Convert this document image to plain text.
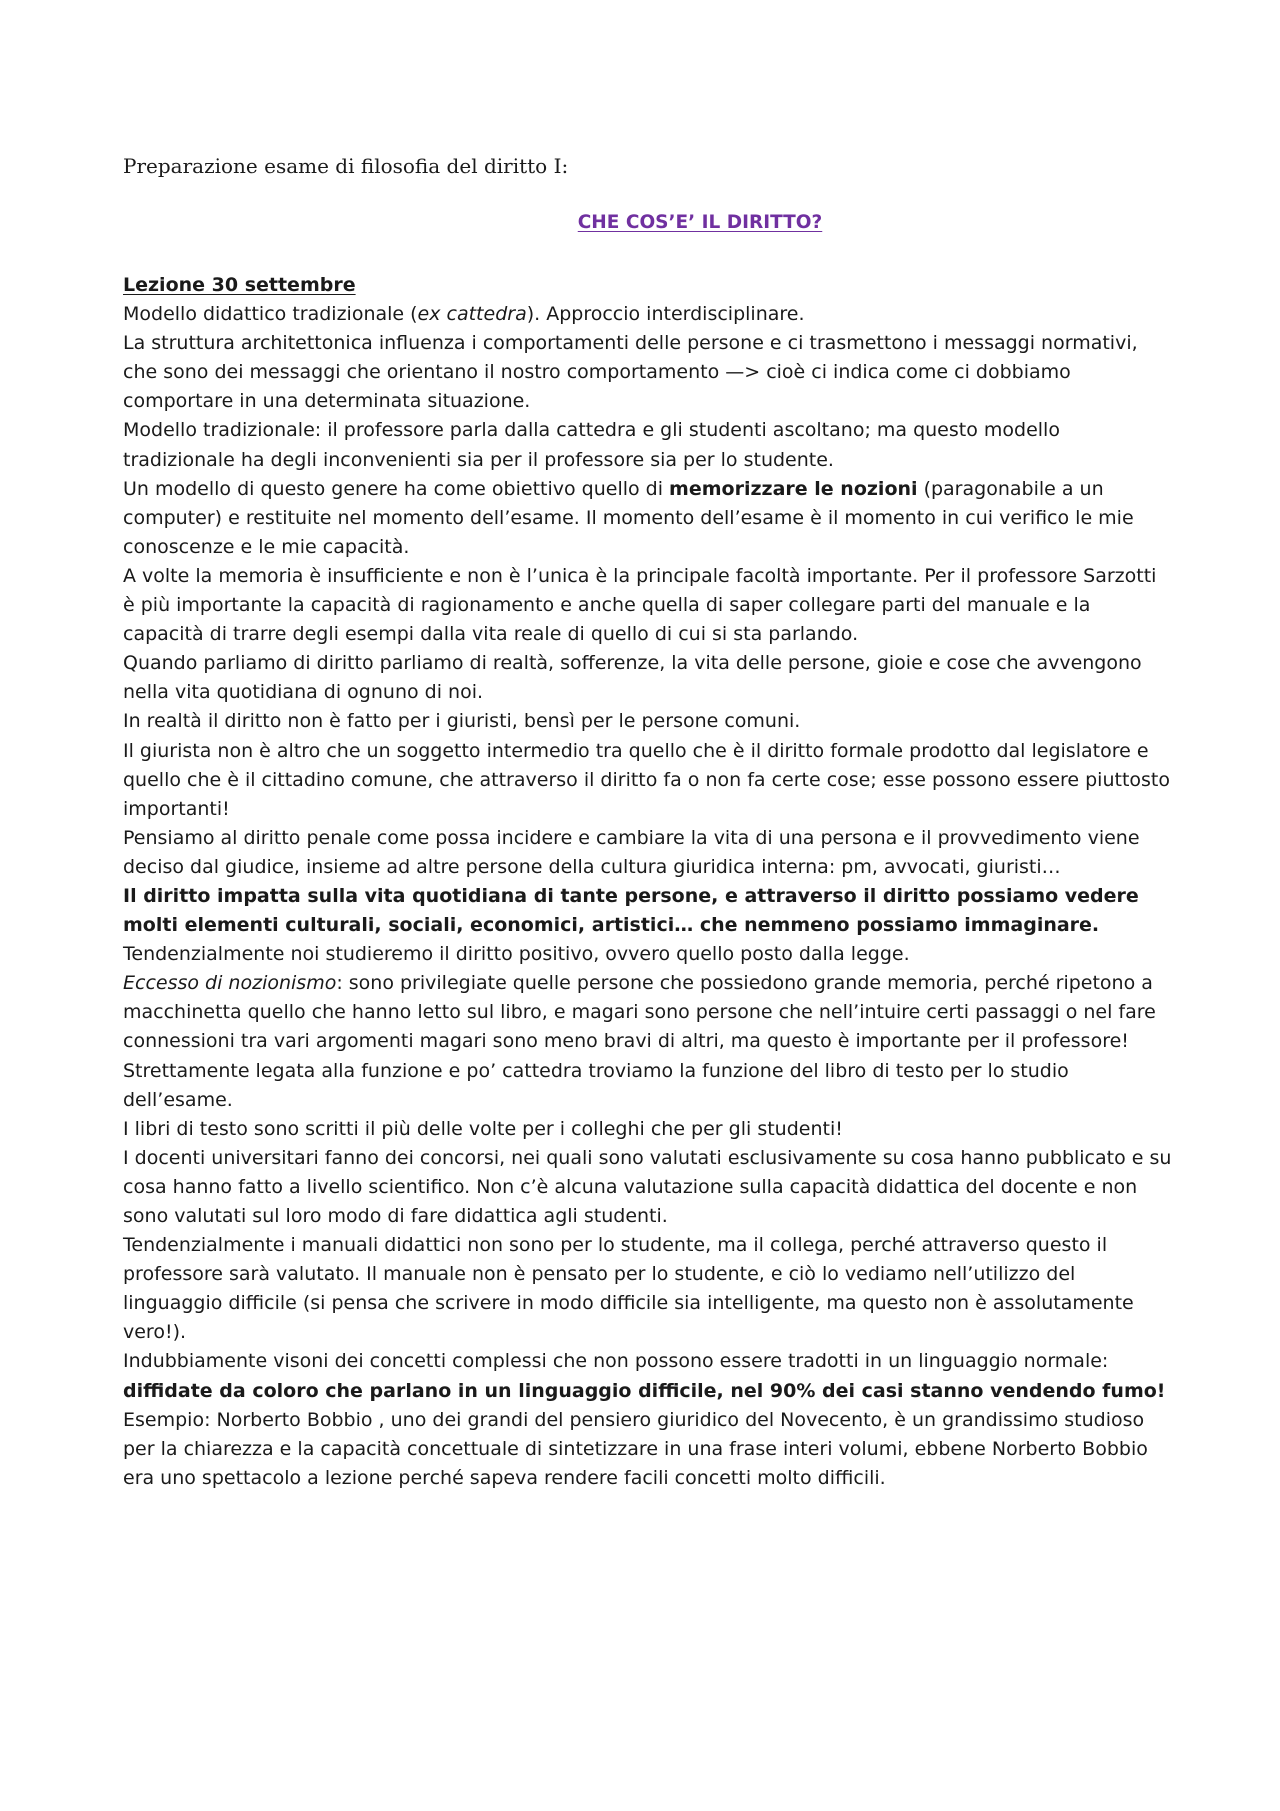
Preparazione esame di filosofia del diritto I:
CHE COS’E’ IL DIRITTO?

Lezione 30 settembre

Modello didattico tradizionale (ex cattedra). Approccio interdisciplinare.

La struttura architettonica influenza i comportamenti delle persone e ci trasmettono i messaggi normativi, che sono dei messaggi che orientano il nostro comportamento —> cioè ci indica come ci dobbiamo comportare in una determinata situazione.

Modello tradizionale: il professore parla dalla cattedra e gli studenti ascoltano; ma questo modello tradizionale ha degli inconvenienti sia per il professore sia per lo studente.

Un modello di questo genere ha come obiettivo quello di memorizzare le nozioni (paragonabile a un computer) e restituite nel momento dell’esame. Il momento dell’esame è il momento in cui verifico le mie conoscenze e le mie capacità.

A volte la memoria è insufficiente e non è l’unica è la principale facoltà importante. Per il professore Sarzotti è più importante la capacità di ragionamento e anche quella di saper collegare parti del manuale e la capacità di trarre degli esempi dalla vita reale di quello di cui si sta parlando.

Quando parliamo di diritto parliamo di realtà, sofferenze, la vita delle persone, gioie e cose che avvengono nella vita quotidiana di ognuno di noi.

In realtà il diritto non è fatto per i giuristi, bensì per le persone comuni.

Il giurista non è altro che un soggetto intermedio tra quello che è il diritto formale prodotto dal legislatore e quello che è il cittadino comune, che attraverso il diritto fa o non fa certe cose; esse possono essere piuttosto importanti!

Pensiamo al diritto penale come possa incidere e cambiare la vita di una persona e il provvedimento viene deciso dal giudice, insieme ad altre persone della cultura giuridica interna: pm, avvocati, giuristi…

Il diritto impatta sulla vita quotidiana di tante persone, e attraverso il diritto possiamo vedere molti elementi culturali, sociali, economici, artistici… che nemmeno possiamo immaginare.

Tendenzialmente noi studieremo il diritto positivo, ovvero quello posto dalla legge.

Eccesso di nozionismo: sono privilegiate quelle persone che possiedono grande memoria, perché ripetono a macchinetta quello che hanno letto sul libro, e magari sono persone che nell’intuire certi passaggi o nel fare connessioni tra vari argomenti magari sono meno bravi di altri, ma questo è importante per il professore!

Strettamente legata alla funzione e po’ cattedra troviamo la funzione del libro di testo per lo studio dell’esame.

I libri di testo sono scritti il più delle volte per i colleghi che per gli studenti!

I docenti universitari fanno dei concorsi, nei quali sono valutati esclusivamente su cosa hanno pubblicato e su cosa hanno fatto a livello scientifico. Non c’è alcuna valutazione sulla capacità didattica del docente e non sono valutati sul loro modo di fare didattica agli studenti.

Tendenzialmente i manuali didattici non sono per lo studente, ma il collega, perché attraverso questo il professore sarà valutato. Il manuale non è pensato per lo studente, e ciò lo vediamo nell’utilizzo del linguaggio difficile (si pensa che scrivere in modo difficile sia intelligente, ma questo non è assolutamente vero!).

Indubbiamente visoni dei concetti complessi che non possono essere tradotti in un linguaggio normale: diffidate da coloro che parlano in un linguaggio difficile, nel 90% dei casi stanno vendendo fumo!

Esempio: Norberto Bobbio , uno dei grandi del pensiero giuridico del Novecento, è un grandissimo studioso per la chiarezza e la capacità concettuale di sintetizzare in una frase interi volumi, ebbene Norberto Bobbio era uno spettacolo a lezione perché sapeva rendere facili concetti molto difficili.
